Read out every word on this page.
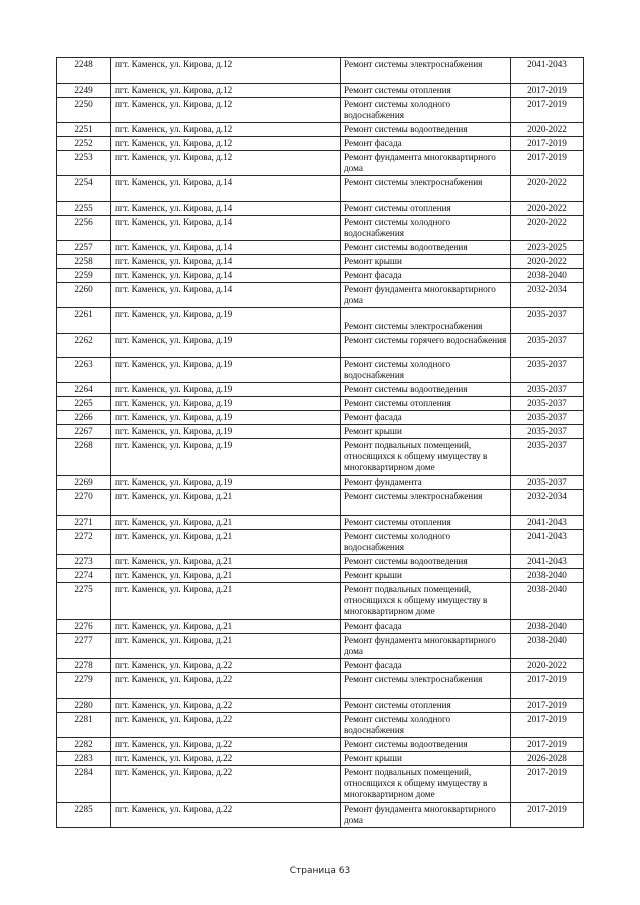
2248	пгт. Каменск, ул. Кирова, д.12	Ремонт системы электроснабжения	2041-2043
2249	пгт. Каменск, ул. Кирова, д.12	Ремонт системы отопления	2017-2019
2250	пгт. Каменск, ул. Кирова, д.12	Ремонт системы холодного водоснабжения	2017-2019
2251	пгт. Каменск, ул. Кирова, д.12	Ремонт системы водоотведения	2020-2022
2252	пгт. Каменск, ул. Кирова, д.12	Ремонт фасада	2017-2019
2253	пгт. Каменск, ул. Кирова, д.12	Ремонт фундамента многоквартирного дома	2017-2019
2254	пгт. Каменск, ул. Кирова, д.14	Ремонт системы электроснабжения	2020-2022
2255	пгт. Каменск, ул. Кирова, д.14	Ремонт системы отопления	2020-2022
2256	пгт. Каменск, ул. Кирова, д.14	Ремонт системы холодного водоснабжения	2020-2022
2257	пгт. Каменск, ул. Кирова, д.14	Ремонт системы водоотведения	2023-2025
2258	пгт. Каменск, ул. Кирова, д.14	Ремонт крыши	2020-2022
2259	пгт. Каменск, ул. Кирова, д.14	Ремонт фасада	2038-2040
2260	пгт. Каменск, ул. Кирова, д.14	Ремонт фундамента многоквартирного дома	2032-2034
2261	пгт. Каменск, ул. Кирова, д.19	Ремонт системы электроснабжения	2035-2037
2262	пгт. Каменск, ул. Кирова, д.19	Ремонт системы горячего водоснабжения	2035-2037
2263	пгт. Каменск, ул. Кирова, д.19	Ремонт системы холодного водоснабжения	2035-2037
2264	пгт. Каменск, ул. Кирова, д.19	Ремонт системы водоотведения	2035-2037
2265	пгт. Каменск, ул. Кирова, д.19	Ремонт системы отопления	2035-2037
2266	пгт. Каменск, ул. Кирова, д.19	Ремонт фасада	2035-2037
2267	пгт. Каменск, ул. Кирова, д.19	Ремонт крыши	2035-2037
2268	пгт. Каменск, ул. Кирова, д.19	Ремонт подвальных помещений, относящихся к общему имуществу в многоквартирном доме	2035-2037
2269	пгт. Каменск, ул. Кирова, д.19	Ремонт фундамента	2035-2037
2270	пгт. Каменск, ул. Кирова, д.21	Ремонт системы электроснабжения	2032-2034
2271	пгт. Каменск, ул. Кирова, д.21	Ремонт системы отопления	2041-2043
2272	пгт. Каменск, ул. Кирова, д.21	Ремонт системы холодного водоснабжения	2041-2043
2273	пгт. Каменск, ул. Кирова, д.21	Ремонт системы водоотведения	2041-2043
2274	пгт. Каменск, ул. Кирова, д.21	Ремонт крыши	2038-2040
2275	пгт. Каменск, ул. Кирова, д.21	Ремонт подвальных помещений, относящихся к общему имуществу в многоквартирном доме	2038-2040
2276	пгт. Каменск, ул. Кирова, д.21	Ремонт фасада	2038-2040
2277	пгт. Каменск, ул. Кирова, д.21	Ремонт фундамента многоквартирного дома	2038-2040
2278	пгт. Каменск, ул. Кирова, д.22	Ремонт фасада	2020-2022
2279	пгт. Каменск, ул. Кирова, д.22	Ремонт системы электроснабжения	2017-2019
2280	пгт. Каменск, ул. Кирова, д.22	Ремонт системы отопления	2017-2019
2281	пгт. Каменск, ул. Кирова, д.22	Ремонт системы холодного водоснабжения	2017-2019
2282	пгт. Каменск, ул. Кирова, д.22	Ремонт системы водоотведения	2017-2019
2283	пгт. Каменск, ул. Кирова, д.22	Ремонт крыши	2026-2028
2284	пгт. Каменск, ул. Кирова, д.22	Ремонт подвальных помещений, относящихся к общему имуществу в многоквартирном доме	2017-2019
2285	пгт. Каменск, ул. Кирова, д.22	Ремонт фундамента многоквартирного дома	2017-2019
Страница 63
